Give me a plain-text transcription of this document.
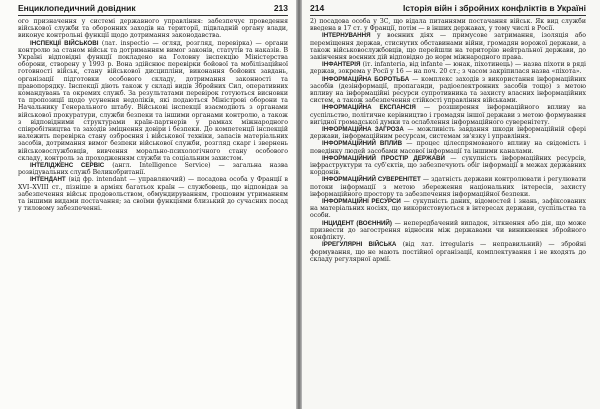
Енциклопедичний довідник	213

ого призначення у системі державного управління: забезпечує проведення військової служби та оборонних заходів на території, підвладній органу влади, виконує контрольні функції щодо дотримання законодавства.

ІНСПЕКЦІЇ ВІЙСЬКОВІ (лат. inspectio — огляд, розгляд, перевірка) — органи контролю за станом військ та дотриманням вимог законів, статутів та наказів. В Україні відповідні функції покладено на Головну інспекцію Міністерства оборони, створену у 1993 р. Вона здійснює перевірки бойової та мобілізаційної готовності військ, стану військової дисципліни, виконання бойових завдань, організації підготовки особового складу, дотримання законності та правопорядку. Інспекції діють також у складі видів Збройних Сил, оперативних командувань та окремих служб. За результатами перевірок готуються висновки та пропозиції щодо усунення недоліків, які подаються Міністрові оборони та Начальнику Генерального штабу. Військові інспекції взаємодіють з органами військової прокуратури, служби безпеки та іншими органами контролю, а також з відповідними структурами країн-партнерів у рамках міжнародного співробітництва та заходів зміцнення довіри і безпеки. До компетенції інспекцій належить перевірка стану озброєння і військової техніки, запасів матеріальних засобів, дотримання вимог безпеки військової служби, розгляд скарг і звернень військовослужбовців, вивчення морально-психологічного стану особового складу, контроль за проходженням служби та соціальним захистом.

ІНТЕЛІДЖЕНС СЕРВІС (англ. Intelligence Service) — загальна назва розвідувальних служб Великобританії.

ІНТЕНДАНТ (від фр. intendant — управляючий) — посадова особа у Франції в XVI–XVIII ст., пізніше в арміях багатьох країн — службовець, що відповідав за забезпечення військ продовольством, обмундируванням, грошовим утриманням та іншими видами постачання; за своїми функціями близький до сучасних посад у тиловому забезпеченні.

214	Історія війн і збройних конфліктів в Україні

2) посадова особа у ЗС, що відала питаннями постачання військ. Як вид служби введена в 17 ст. у Франції, потім — в інших державах, у тому числі в Росії.

ІНТЕРНУВАННЯ у воєнних діях — примусове затримання, ізоляція або переміщення держав, стиснутих обставинами війни, громадян ворожої держави, а також військовослужбовців, що перейшли на територію нейтральної держави, до закінчення воєнних дій відповідно до норм міжнародного права.

ІНФАНТЕРІЯ (іт. infanteria, від infante — юнак, піхотинець) — назва піхоти в ряді держав, зокрема у Росії у 16 — на поч. 20 ст.; з часом закріпилася назва «піхота».

ІНФОРМАЦІЙНА БОРОТЬБА — комплекс заходів з використання інформаційних засобів (дезінформації, пропаганди, радіоелектронних засобів тощо) з метою впливу на інформаційні ресурси супротивника та захисту власних інформаційних систем, а також забезпечення стійкості управління військами.

ІНФОРМАЦІЙНА ЕКСПАНСІЯ — розширення інформаційного впливу на суспільство, політичне керівництво і громадян іншої держави з метою формування вигідної громадської думки та ослаблення інформаційного суверенітету.

ІНФОРМАЦІЙНА ЗАГРОЗА — можливість завдання шкоди інформаційній сфері держави, інформаційним ресурсам, системам зв'язку і управління.

ІНФОРМАЦІЙНИЙ ВПЛИВ — процес цілеспрямованого впливу на свідомість і поведінку людей засобами масової інформації та іншими каналами.

ІНФОРМАЦІЙНИЙ ПРОСТІР ДЕРЖАВИ — сукупність інформаційних ресурсів, інфраструктури та суб'єктів, що забезпечують обіг інформації в межах державних кордонів.

ІНФОРМАЦІЙНИЙ СУВЕРЕНІТЕТ — здатність держави контролювати і регулювати потоки інформації з метою збереження національних інтересів, захисту інформаційного простору та забезпечення інформаційної безпеки.

ІНФОРМАЦІЙНІ РЕСУРСИ — сукупність даних, відомостей і знань, зафіксованих на матеріальних носіях, що використовуються в інтересах держави, суспільства та особи.

ІНЦИДЕНТ (ВОЄННИЙ) — непередбачений випадок, зіткнення або дія, що може призвести до загострення відносин між державами чи виникнення збройного конфлікту.

ІРРЕГУЛЯРНІ ВІЙСЬКА (від лат. irregularis — неправильний) — збройні формування, що не мають постійної організації, комплектування і не входять до складу регулярної армії.
